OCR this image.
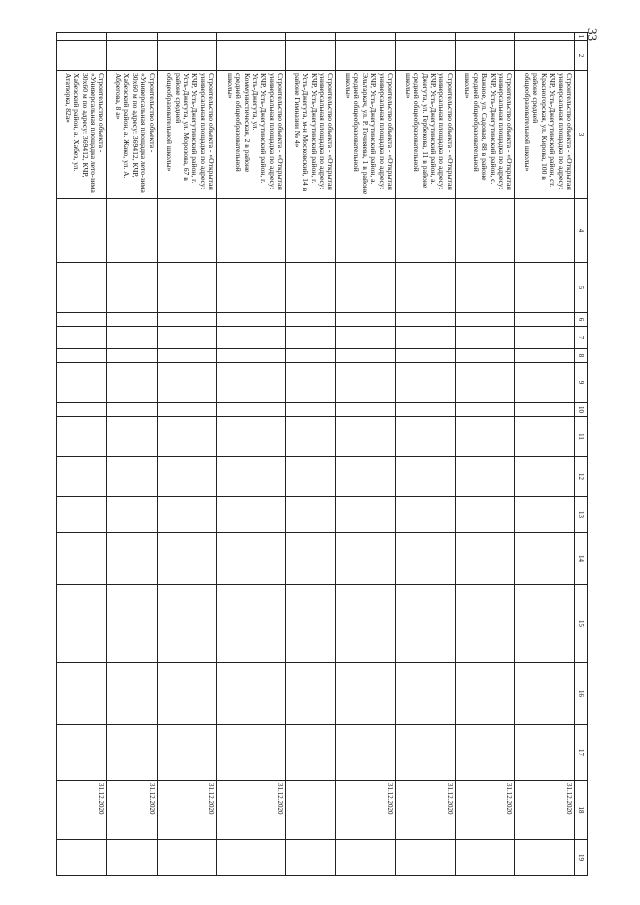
33
1	2	3	4	5	6	7	8	9	10	11	12	13	14	15	16	17	18	19
		Строительство объекта - «Открытая универсальная площадка по адресу: КЧР, Усть-Джегутинский район, ст. Красногорская, ул. Кирова, 100 в районе средней общеобразовательной школы»															31.12.2020	
		Строительство объекта - «Открытая универсальная площадка по адресу: КЧР, Усть-Джегутинский район, с. Важное, ул. Садовая, 88 в районе средней общеобразовательной школы»															31.12.2020	
		Строительство объекта - «Открытая универсальная площадка по адресу: КЧР, Усть-Джегутинский район, а. Джегута, ул. Гербекова, 11 в районе средней общеобразовательной школы»															31.12.2020	
		Строительство объекта - «Открытая универсальная площадка по адресу: КЧР, Усть-Джегутинский район, а. Эльтаркач, ул. Р. Гочияева, 1 в районе средней общеобразовательной школы»															31.12.2020	
		Строительство объекта - «Открытая универсальная площадка по адресу: КЧР, Усть-Джегутинский район, г. Усть-Джегута, м-н Московский, 14 в районе Гимназии № 4»																
		Строительство объекта - «Открытая универсальная площадка по адресу: КЧР, Усть-Джегутинский район, г. Усть-Джегута, ул. Коммунистическая, 2 в районе средней общеобразовательной школы»															31.12.2020	
		Строительство объекта - «Открытая универсальная площадка по адресу: КЧР, Усть-Джегутинский район, г. Усть-Джегута, ул. Морозова, 67 в районе средней общеобразовательной школы»															31.12.2020	
		Строительство объекта - «Универсальная площадка лето-зима 30х60 м по адресу: 369412, КЧР, Хабезский район, а. Жако, ул. А. Абрегова, 8 а»															31.12.2020	
		Строительство объекта - «Универсальная площадка лето-зима 30х60 м по адресу: 369412, КЧР, Хабезский район, а. Хабез, ул. Ататюрка, 82а»															31.12.2020	
